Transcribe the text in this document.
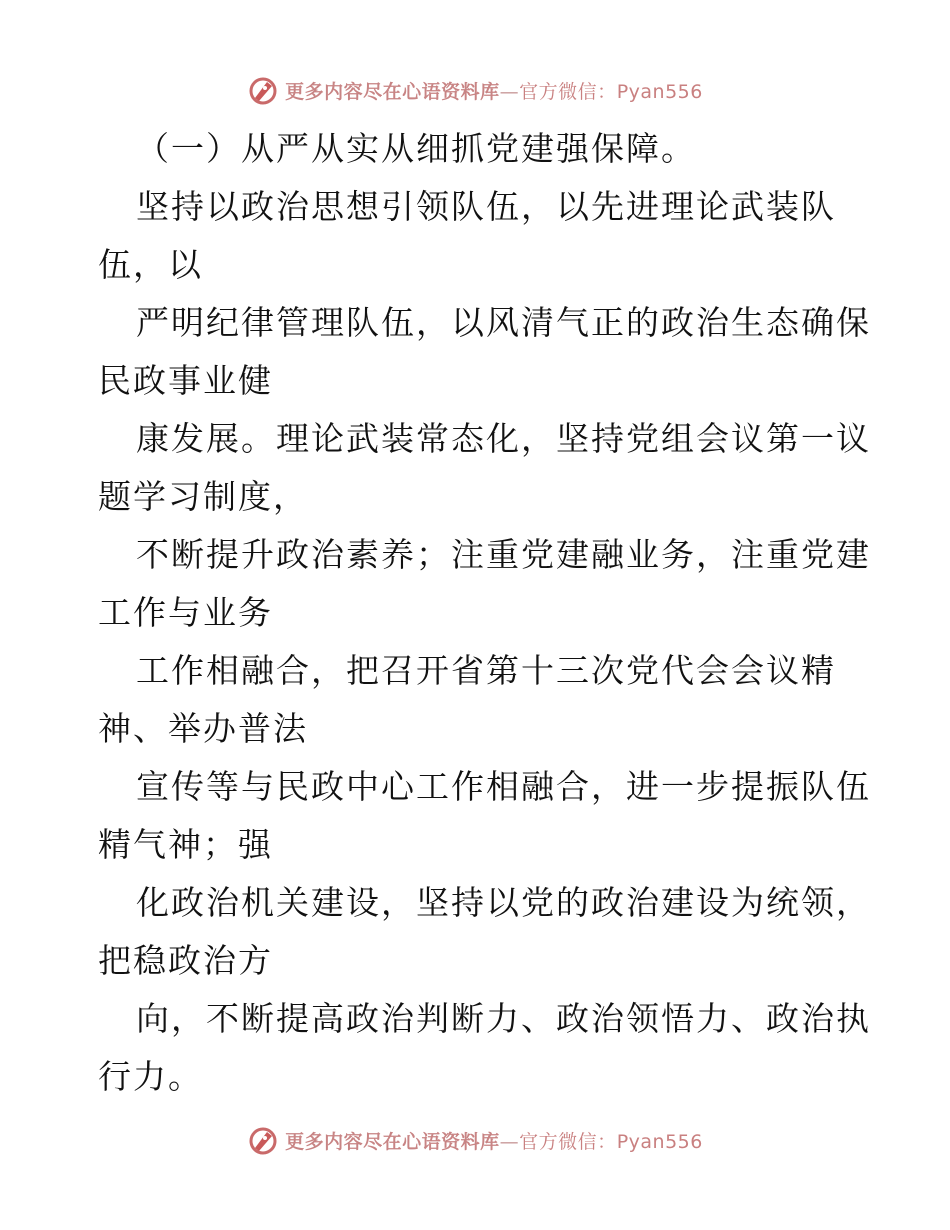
更多内容尽在心语资料库—官方微信：Pyan556
（一）从严从实从细抓党建强保障。
坚持以政治思想引领队伍，以先进理论武装队
伍，以
严明纪律管理队伍，以风清气正的政治生态确保
民政事业健
康发展。理论武装常态化，坚持党组会议第一议
题学习制度，
不断提升政治素养；注重党建融业务，注重党建
工作与业务
工作相融合，把召开省第十三次党代会会议精
神、举办普法
宣传等与民政中心工作相融合，进一步提振队伍
精气神；强
化政治机关建设，坚持以党的政治建设为统领，
把稳政治方
向，不断提高政治判断力、政治领悟力、政治执
行力。
更多内容尽在心语资料库—官方微信：Pyan556
